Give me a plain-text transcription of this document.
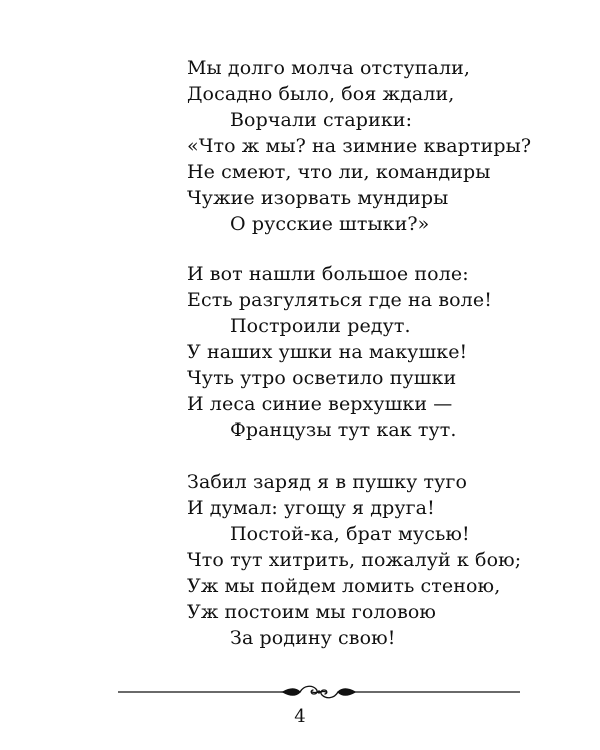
Мы долго молча отступали,
Досадно было, боя ждали,
Ворчали старики:
«Что ж мы? на зимние квартиры?
Не смеют, что ли, командиры
Чужие изорвать мундиры
О русские штыки?»
И вот нашли большое поле:
Есть разгуляться где на воле!
Построили редут.
У наших ушки на макушке!
Чуть утро осветило пушки
И леса синие верхушки —
Французы тут как тут.
Забил заряд я в пушку туго
И думал: угощу я друга!
Постой-ка, брат мусью!
Что тут хитрить, пожалуй к бою;
Уж мы пойдем ломить стеною,
Уж постоим мы головою
За родину свою!
4
